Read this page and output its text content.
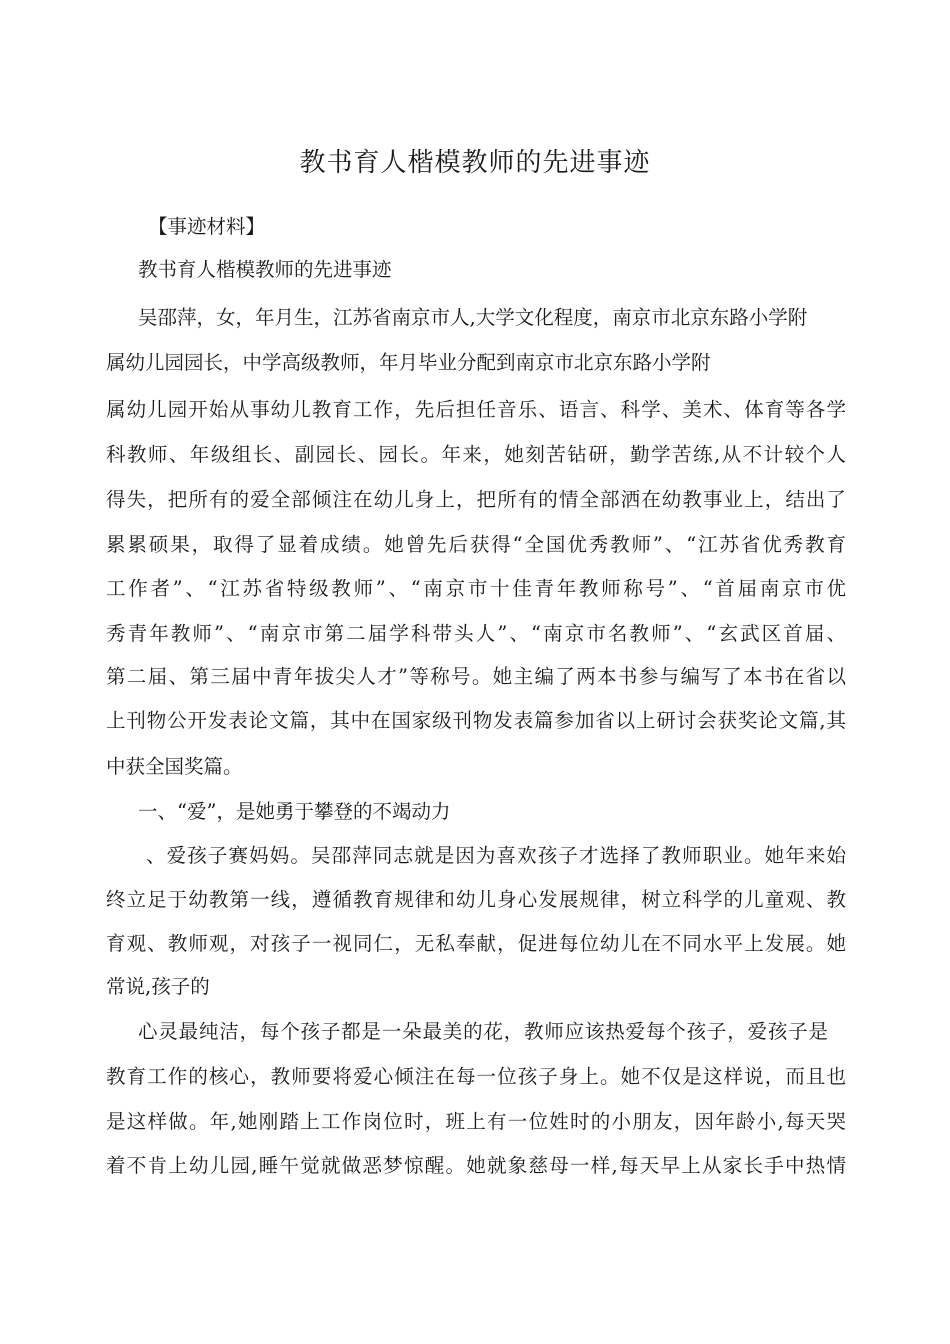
教书育人楷模教师的先进事迹
【事迹材料】
教书育人楷模教师的先进事迹
吴邵萍，女，年月生，江苏省南京市人,大学文化程度，南京市北京东路小学附
属幼儿园园长，中学高级教师，年月毕业分配到南京市北京东路小学附
属幼儿园开始从事幼儿教育工作，先后担任音乐、语言、科学、美术、体育等各学
科教师、年级组长、副园长、园长。年来，她刻苦钻研，勤学苦练,从不计较个人
得失，把所有的爱全部倾注在幼儿身上，把所有的情全部洒在幼教事业上，结出了
累累硕果，取得了显着成绩。她曾先后获得“全国优秀教师”、“江苏省优秀教育
工作者”、“江苏省特级教师”、“南京市十佳青年教师称号”、“首届南京市优
秀青年教师”、“南京市第二届学科带头人”、“南京市名教师”、“玄武区首届、
第二届、第三届中青年拔尖人才”等称号。她主编了两本书参与编写了本书在省以
上刊物公开发表论文篇，其中在国家级刊物发表篇参加省以上研讨会获奖论文篇,其
中获全国奖篇。
一、“爱”，是她勇于攀登的不竭动力
、爱孩子赛妈妈。吴邵萍同志就是因为喜欢孩子才选择了教师职业。她年来始
终立足于幼教第一线，遵循教育规律和幼儿身心发展规律，树立科学的儿童观、教
育观、教师观，对孩子一视同仁，无私奉献，促进每位幼儿在不同水平上发展。她
常说,孩子的
心灵最纯洁，每个孩子都是一朵最美的花，教师应该热爱每个孩子，爱孩子是
教育工作的核心，教师要将爱心倾注在每一位孩子身上。她不仅是这样说，而且也
是这样做。年,她刚踏上工作岗位时，班上有一位姓时的小朋友，因年龄小,每天哭
着不肯上幼儿园,睡午觉就做恶梦惊醒。她就象慈母一样,每天早上从家长手中热情
